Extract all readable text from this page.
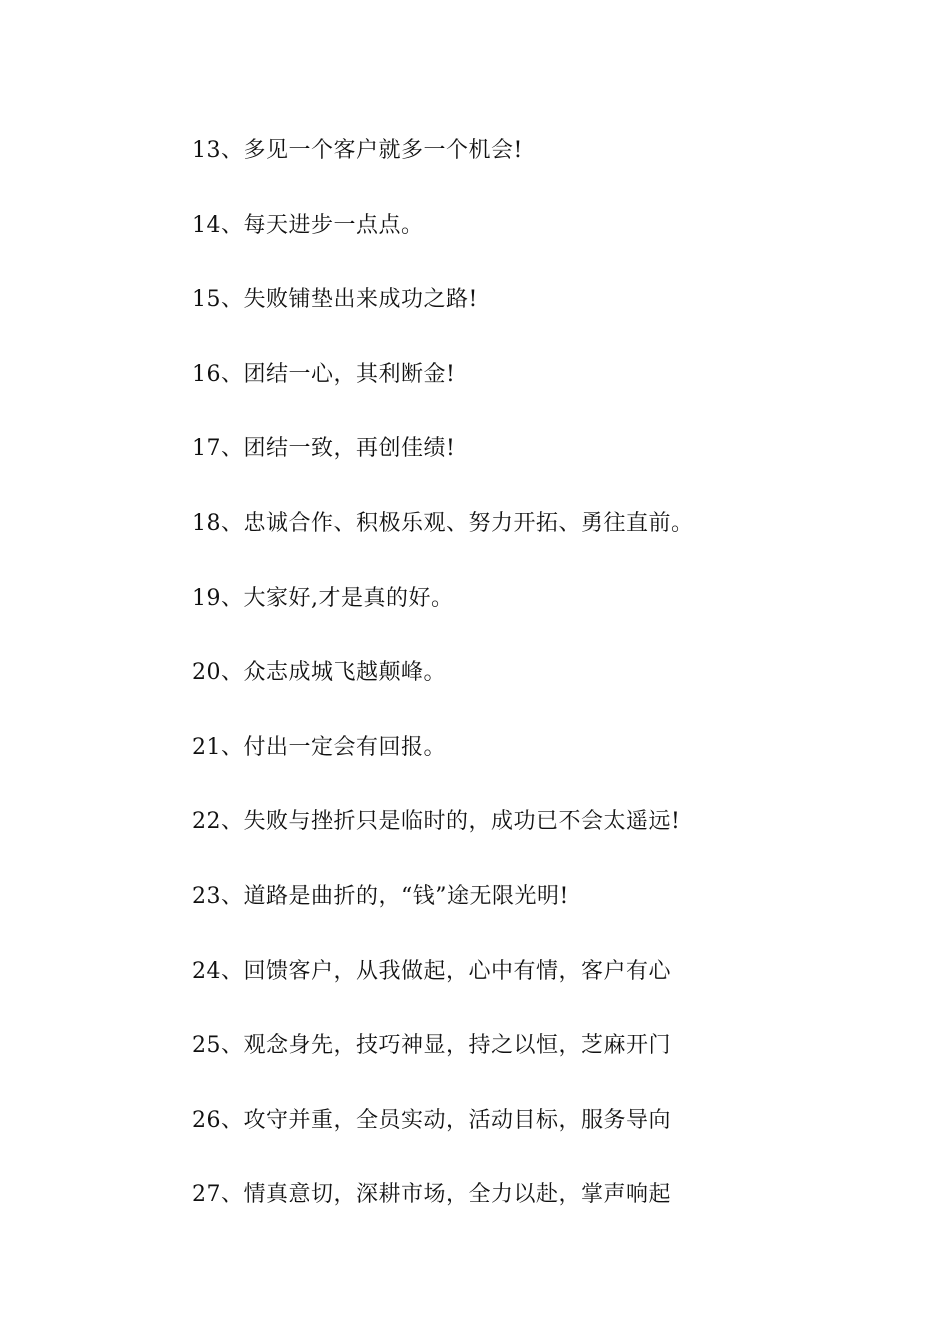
13、多见一个客户就多一个机会!
14、每天进步一点点。
15、失败铺垫出来成功之路!
16、团结一心，其利断金!
17、团结一致，再创佳绩!
18、忠诚合作、积极乐观、努力开拓、勇往直前。
19、大家好,才是真的好。
20、众志成城飞越颠峰。
21、付出一定会有回报。
22、失败与挫折只是临时的，成功已不会太遥远!
23、道路是曲折的，“钱”途无限光明!
24、回馈客户，从我做起，心中有情，客户有心
25、观念身先，技巧神显，持之以恒，芝麻开门
26、攻守并重，全员实动，活动目标，服务导向
27、情真意切，深耕市场，全力以赴，掌声响起
